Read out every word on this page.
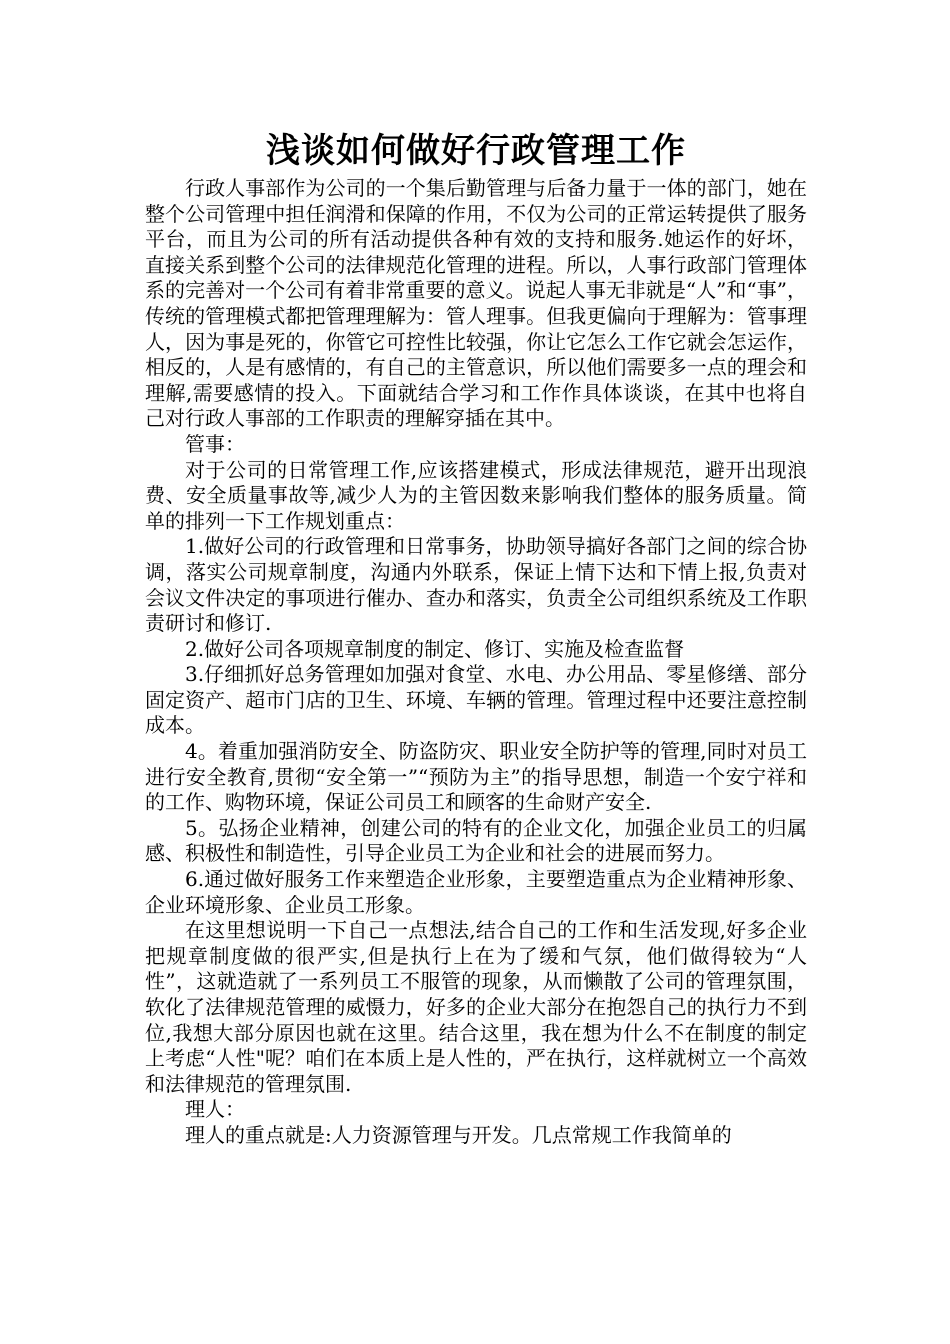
浅谈如何做好行政管理工作

行政人事部作为公司的一个集后勤管理与后备力量于一体的部门，她在整个公司管理中担任润滑和保障的作用，不仅为公司的正常运转提供了服务平台，而且为公司的所有活动提供各种有效的支持和服务.她运作的好坏，直接关系到整个公司的法律规范化管理的进程。所以，人事行政部门管理体系的完善对一个公司有着非常重要的意义。说起人事无非就是“人”和“事”，传统的管理模式都把管理理解为：管人理事。但我更偏向于理解为：管事理人，因为事是死的，你管它可控性比较强，你让它怎么工作它就会怎运作，相反的，人是有感情的，有自己的主管意识，所以他们需要多一点的理会和理解,需要感情的投入。下面就结合学习和工作作具体谈谈，在其中也将自己对行政人事部的工作职责的理解穿插在其中。

管事：

对于公司的日常管理工作,应该搭建模式，形成法律规范，避开出现浪费、安全质量事故等,减少人为的主管因数来影响我们整体的服务质量。简单的排列一下工作规划重点：

1.做好公司的行政管理和日常事务，协助领导搞好各部门之间的综合协调，落实公司规章制度，沟通内外联系，保证上情下达和下情上报,负责对会议文件决定的事项进行催办、查办和落实，负责全公司组织系统及工作职责研讨和修订.

2.做好公司各项规章制度的制定、修订、实施及检查监督

3.仔细抓好总务管理如加强对食堂、水电、办公用品、零星修缮、部分固定资产、超市门店的卫生、环境、车辆的管理。管理过程中还要注意控制成本。

4。着重加强消防安全、防盗防灾、职业安全防护等的管理,同时对员工进行安全教育,贯彻“安全第一”“预防为主”的指导思想，制造一个安宁祥和的工作、购物环境，保证公司员工和顾客的生命财产安全.

5。弘扬企业精神，创建公司的特有的企业文化，加强企业员工的归属感、积极性和制造性，引导企业员工为企业和社会的进展而努力。

6.通过做好服务工作来塑造企业形象，主要塑造重点为企业精神形象、企业环境形象、企业员工形象。

在这里想说明一下自己一点想法,结合自己的工作和生活发现,好多企业把规章制度做的很严实,但是执行上在为了缓和气氛，他们做得较为“人性”，这就造就了一系列员工不服管的现象，从而懒散了公司的管理氛围，软化了法律规范管理的威慑力，好多的企业大部分在抱怨自己的执行力不到位,我想大部分原因也就在这里。结合这里，我在想为什么不在制度的制定上考虑“人性"呢？咱们在本质上是人性的，严在执行，这样就树立一个高效和法律规范的管理氛围.

理人：

理人的重点就是:人力资源管理与开发。几点常规工作我简单的
